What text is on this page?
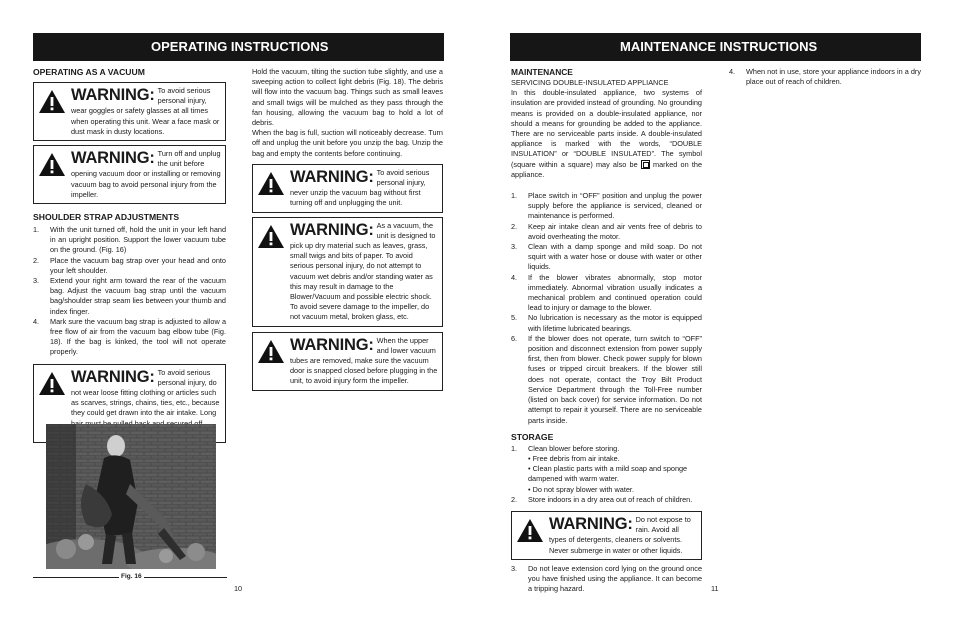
OPERATING INSTRUCTIONS
OPERATING AS A VACUUM
WARNING: To avoid serious personal injury, wear goggles or safety glasses at all times when operating this unit. Wear a face mask or dust mask in dusty locations.
WARNING: Turn off and unplug the unit before opening vacuum door or installing or removing vacuum bag to avoid personal injury from the impeller.
SHOULDER STRAP ADJUSTMENTS
1. With the unit turned off, hold the unit in your left hand in an upright position. Support the lower vacuum tube on the ground. (Fig. 16)
2. Place the vacuum bag strap over your head and onto your left shoulder.
3. Extend your right arm toward the rear of the vacuum bag. Adjust the vacuum bag strap until the vacuum bag/shoulder strap seam lies between your thumb and index finger.
4. Mark sure the vacuum bag strap is adjusted to allow a free flow of air from the vacuum bag elbow tube (Fig. 18). If the bag is kinked, the tool will not operate properly.
WARNING: To avoid serious personal injury, do not wear loose fitting clothing or articles such as scarves, strings, chains, ties, etc., because they could get drawn into the air intake. Long
Fig. 16
10

Hold the vacuum, tilting the suction tube slightly, and use a sweeping action to collect light debris (Fig. 18). The debris will flow into the vacuum bag. Things such as small leaves and small twigs will be mulched as they pass through the fan housing, allowing the vacuum bag to hold a lot of debris.

When the bag is full, suction will noticeably decrease. Turn off and unplug the unit before you unzip the bag. Unzip the bag and empty the contents before continuing.

WARNING: To avoid serious personal injury, never unzip the vacuum bag without first turning off and unplugging the unit.
WARNING: As a vacuum, the unit is designed to pick up dry material such as leaves, grass, small twigs and bits of paper. To avoid serious personal injury, do not attempt to vacuum wet debris and/or standing water as this may result in damage to the Blower/Vacuum and possible electric shock. To avoid severe damage to the impeller, do not vacuum metal, broken glass, etc.
WARNING: When the upper and lower vacuum tubes are removed, make sure the vacuum door is snapped closed before plugging in the unit, to avoid injury form the impeller.
MAINTENANCE INSTRUCTIONS
MAINTENANCE
SERVICING DOUBLE-INSULATED APPLIANCE

In this double-insulated appliance, two systems of insulation are provided instead of grounding. No grounding means is provided on a double-insulated appliance, nor should a means for grounding be added to the appliance. There are no serviceable parts inside. A double-insulated appliance is marked with the words, “DOUBLE INSULATION” or “DOUBLE INSULATED”. The symbol (square within a square) may also be marked on the appliance.

1. Place switch in “OFF” position and unplug the power supply before the appliance is serviced, cleaned or maintenance is performed.
2. Keep air intake clean and air vents free of debris to avoid overheating the motor.
3. Clean with a damp sponge and mild soap. Do not squirt with a water hose or douse with water or other liquids.
4. If the blower vibrates abnormally, stop motor immediately. Abnormal vibration usually indicates a mechanical problem and continued operation could lead to injury or damage to the blower.
5. No lubrication is necessary as the motor is equipped with lifetime lubricated bearings.
6. If the blower does not operate, turn switch to “OFF” position and disconnect extension from power supply first, then from blower. Check power supply for blown fuses or tripped circuit breakers. If the blower still does not operate, contact the Troy Bilt Product Service Department through the Toll-Free number (listed on back cover) for service information. Do not attempt to repair it yourself. There are no serviceable parts inside.
STORAGE
1. Clean blower before storing.
• Free debris from air intake.
• Clean plastic parts with a mild soap and sponge dampened with warm water.
• Do not spray blower with water.
2. Store indoors in a dry area out of reach of children.
WARNING: Do not expose to rain. Avoid all types of detergents, cleaners or solvents. Never submerge in water or other liquids.
3. Do not leave extension cord lying on the ground once you have finished using the appliance. It can become a tripping hazard.
4. When not in use, store your appliance indoors in a dry place out of reach of children.
11
